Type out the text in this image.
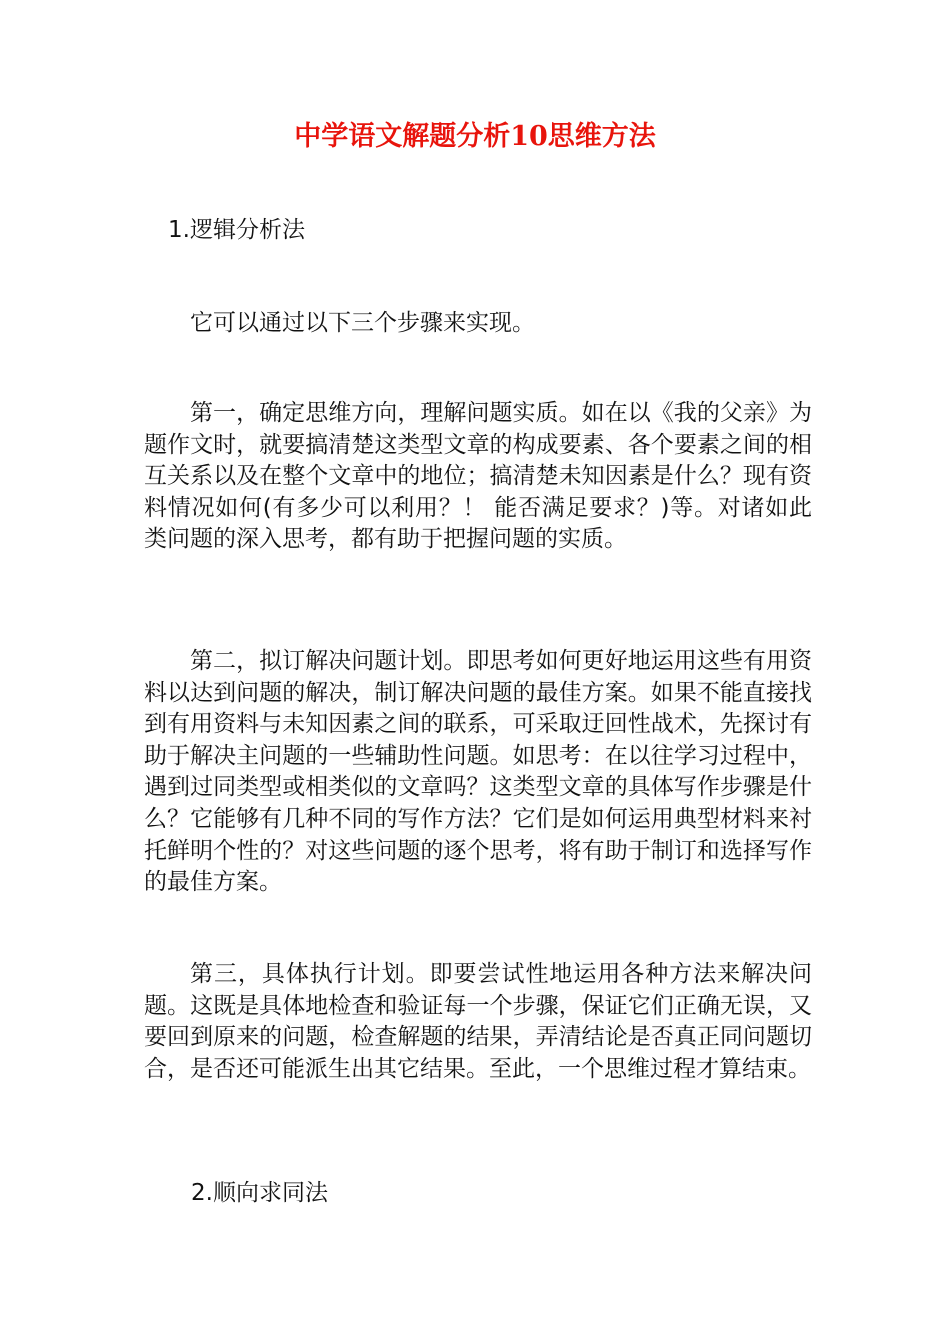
中学语文解题分析10思维方法
1.逻辑分析法

它可以通过以下三个步骤来实现。

第一，确定思维方向，理解问题实质。如在以《我的父亲》为题作文时，就要搞清楚这类型文章的构成要素、各个要素之间的相互关系以及在整个文章中的地位；搞清楚未知因素是什么？现有资料情况如何(有多少可以利用？！ 能否满足要求？)等。对诸如此类问题的深入思考，都有助于把握问题的实质。

第二，拟订解决问题计划。即思考如何更好地运用这些有用资料以达到问题的解决，制订解决问题的最佳方案。如果不能直接找到有用资料与未知因素之间的联系，可采取迂回性战术，先探讨有助于解决主问题的一些辅助性问题。如思考：在以往学习过程中，遇到过同类型或相类似的文章吗？这类型文章的具体写作步骤是什么？它能够有几种不同的写作方法？它们是如何运用典型材料来衬托鲜明个性的？对这些问题的逐个思考，将有助于制订和选择写作的最佳方案。

第三，具体执行计划。即要尝试性地运用各种方法来解决问题。这既是具体地检查和验证每一个步骤，保证它们正确无误，又要回到原来的问题，检查解题的结果，弄清结论是否真正同问题切合，是否还可能派生出其它结果。至此，一个思维过程才算结束。

2.顺向求同法
